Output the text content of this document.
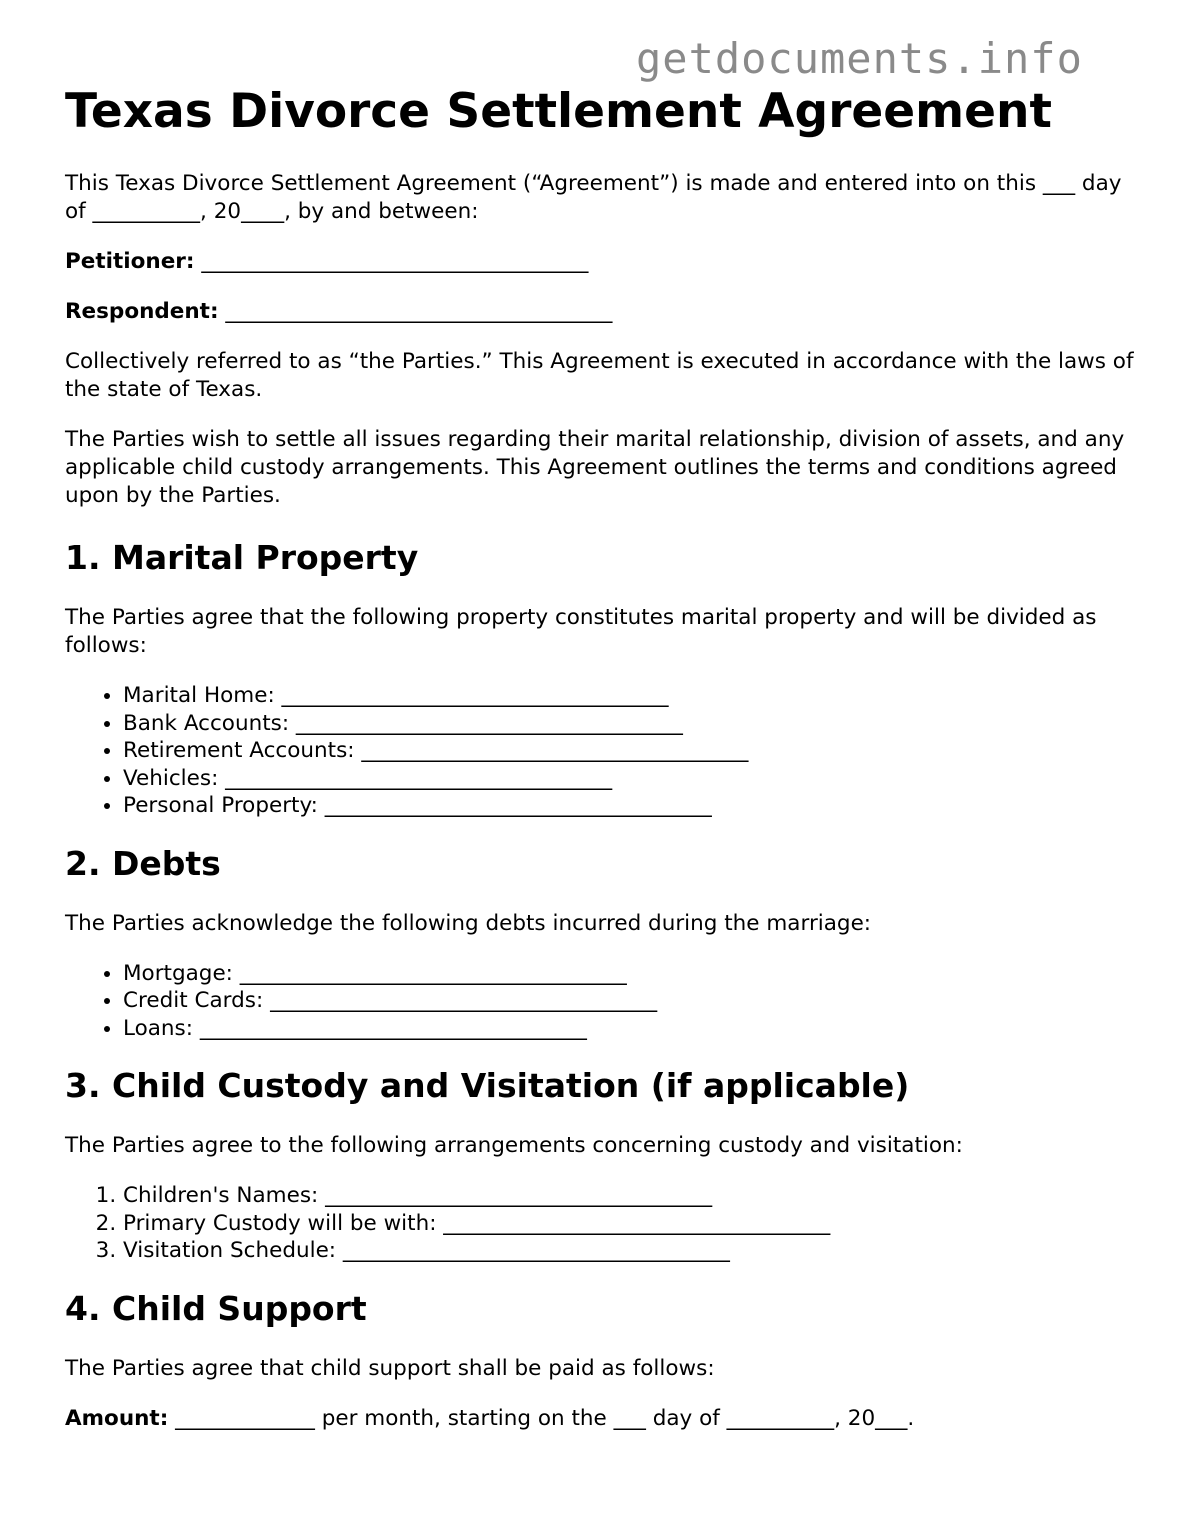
getdocuments.info
Texas Divorce Settlement Agreement

This Texas Divorce Settlement Agreement (“Agreement”) is made and entered into on this ___ day of __________, 20____, by and between:

Petitioner: ____________________________________

Respondent: ____________________________________

Collectively referred to as “the Parties.” This Agreement is executed in accordance with the laws of the state of Texas.

The Parties wish to settle all issues regarding their marital relationship, division of assets, and any applicable child custody arrangements. This Agreement outlines the terms and conditions agreed upon by the Parties.

1. Marital Property

The Parties agree that the following property constitutes marital property and will be divided as follows:

• Marital Home: ____________________________________
• Bank Accounts: ____________________________________
• Retirement Accounts: ____________________________________
• Vehicles: ____________________________________
• Personal Property: ____________________________________
2. Debts

The Parties acknowledge the following debts incurred during the marriage:

• Mortgage: ____________________________________
• Credit Cards: ____________________________________
• Loans: ____________________________________
3. Child Custody and Visitation (if applicable)

The Parties agree to the following arrangements concerning custody and visitation:

1. Children's Names: ____________________________________
2. Primary Custody will be with: ____________________________________
3. Visitation Schedule: ____________________________________
4. Child Support

The Parties agree that child support shall be paid as follows:

Amount: _____________ per month, starting on the ___ day of __________, 20___.
